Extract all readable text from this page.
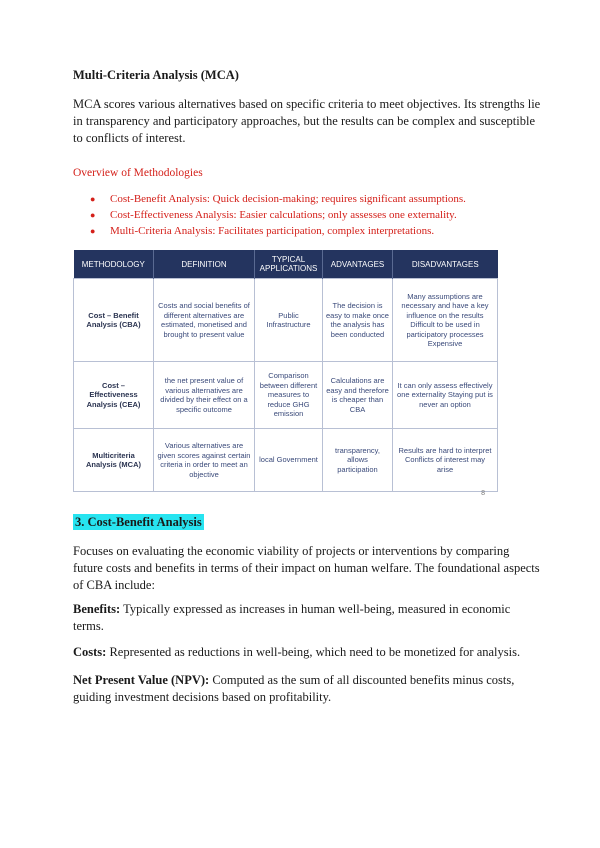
Multi-Criteria Analysis (MCA)

MCA scores various alternatives based on specific criteria to meet objectives. Its strengths lie in transparency and participatory approaches, but the results can be complex and susceptible to conflicts of interest.

Overview of Methodologies
● Cost-Benefit Analysis: Quick decision-making; requires significant assumptions.
● Cost-Effectiveness Analysis: Easier calculations; only assesses one externality.
● Multi-Criteria Analysis: Facilitates participation, complex interpretations.
METHODOLOGY	DEFINITION	TYPICAL APPLICATIONS	ADVANTAGES	DISADVANTAGES
Cost – Benefit Analysis (CBA)	Costs and social benefits of different alternatives are estimated, monetised and brought to present value	Public Infrastructure	The decision is easy to make once the analysis has been conducted	Many assumptions are necessary and have a key influence on the results Difficult to be used in participatory processes Expensive
Cost – Effectiveness Analysis (CEA)	the net present value of various alternatives are divided by their effect on a specific outcome	Comparison between different measures to reduce GHG emission	Calculations are easy and therefore is cheaper than CBA	It can only assess effectively one externality Staying put is never an option
Multicriteria Analysis (MCA)	Various alternatives are given scores against certain criteria in order to meet an objective	local Government	transparency, allows participation	Results are hard to interpret Conflicts of interest may arise
8
3. Cost-Benefit Analysis

Focuses on evaluating the economic viability of projects or interventions by comparing future costs and benefits in terms of their impact on human welfare. The foundational aspects of CBA include:

Benefits: Typically expressed as increases in human well-being, measured in economic terms.

Costs: Represented as reductions in well-being, which need to be monetized for analysis.

Net Present Value (NPV): Computed as the sum of all discounted benefits minus costs, guiding investment decisions based on profitability.
